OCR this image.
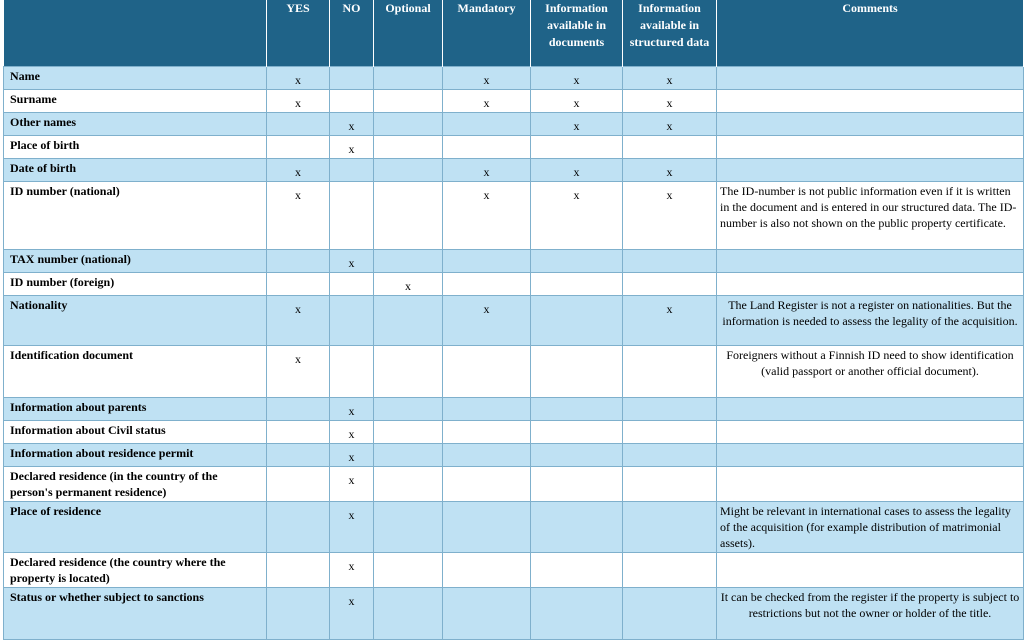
	YES	NO	Optional	Mandatory	Information available in documents	Information available in structured data	Comments
Name	x			x	x	x	
Surname	x			x	x	x	
Other names		x			x	x	
Place of birth		x					
Date of birth	x			x	x	x	
ID number (national)	x			x	x	x	The ID-number is not public information even if it is written in the document and is entered in our structured data. The ID-number is also not shown on the public property certificate.
TAX number (national)		x					
ID number (foreign)			x				
Nationality	x			x		x	The Land Register is not a register on nationalities. But the information is needed to assess the legality of the acquisition.
Identification document	x						Foreigners without a Finnish ID need to show identification (valid passport or another official document).
Information about parents		x					
Information about Civil status		x					
Information about residence permit		x					
Declared residence (in the country of the person's permanent residence)		x					
Place of residence		x					Might be relevant in international cases to assess the legality of the acquisition (for example distribution of matrimonial assets).
Declared residence (the country where the property is located)		x					
Status or whether subject to sanctions		x					It can be checked from the register if the property is subject to restrictions but not the owner or holder of the title.
